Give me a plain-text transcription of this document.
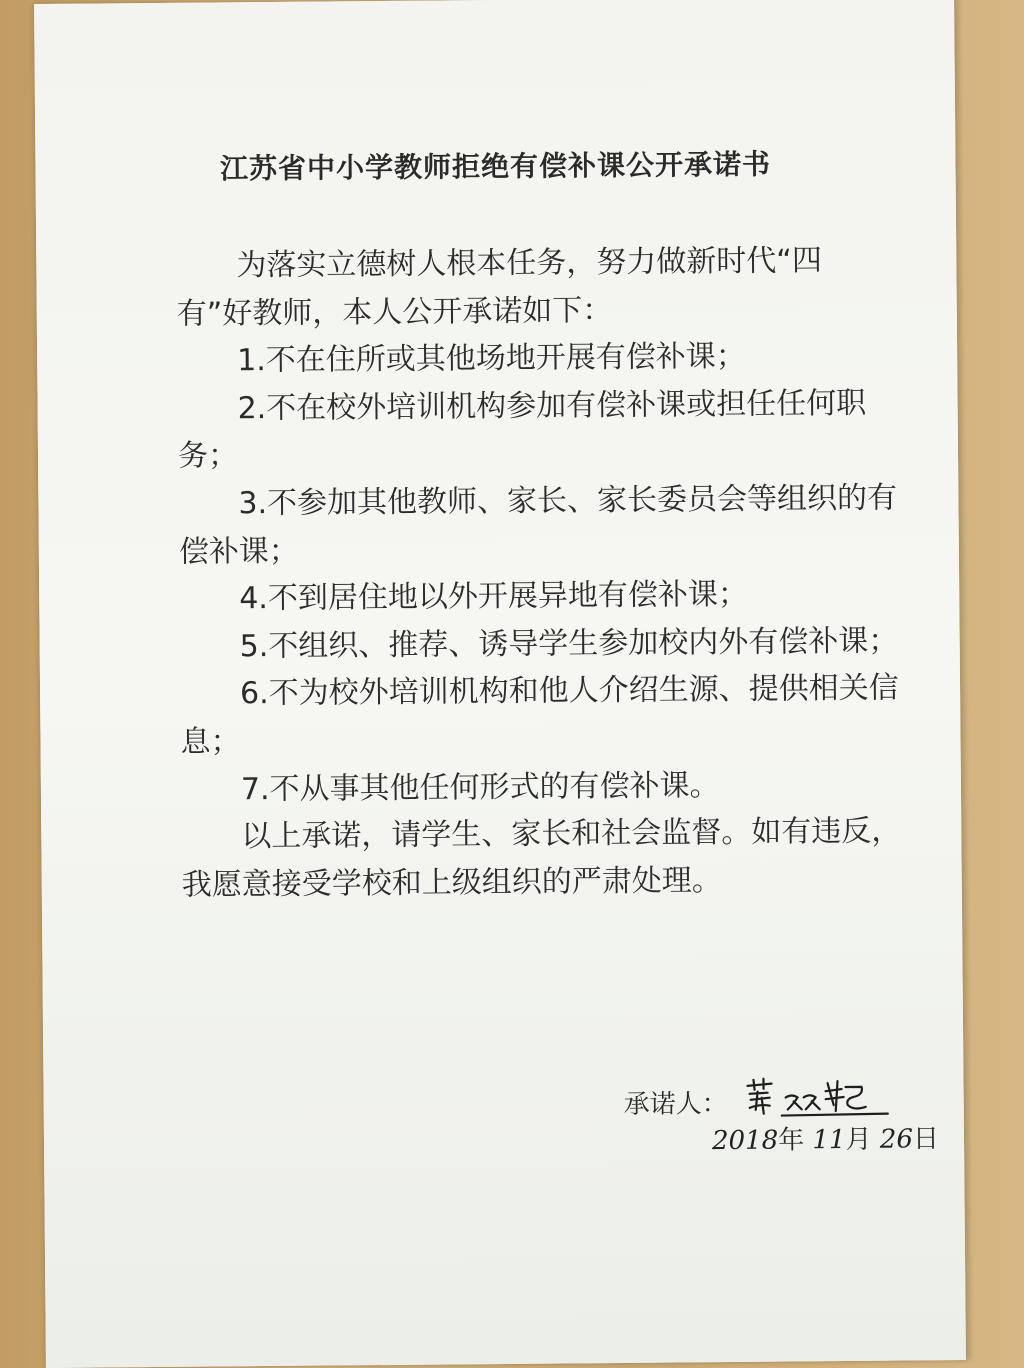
江苏省中小学教师拒绝有偿补课公开承诺书

为落实立德树人根本任务，努力做新时代“四有”好教师，本人公开承诺如下：

1.不在住所或其他场地开展有偿补课；

2.不在校外培训机构参加有偿补课或担任任何职务；

3.不参加其他教师、家长、家长委员会等组织的有偿补课；

4.不到居住地以外开展异地有偿补课；

5.不组织、推荐、诱导学生参加校内外有偿补课；

6.不为校外培训机构和他人介绍生源、提供相关信息；

7.不从事其他任何形式的有偿补课。

以上承诺，请学生、家长和社会监督。如有违反，我愿意接受学校和上级组织的严肃处理。

承诺人：
2018年 11月 26日
